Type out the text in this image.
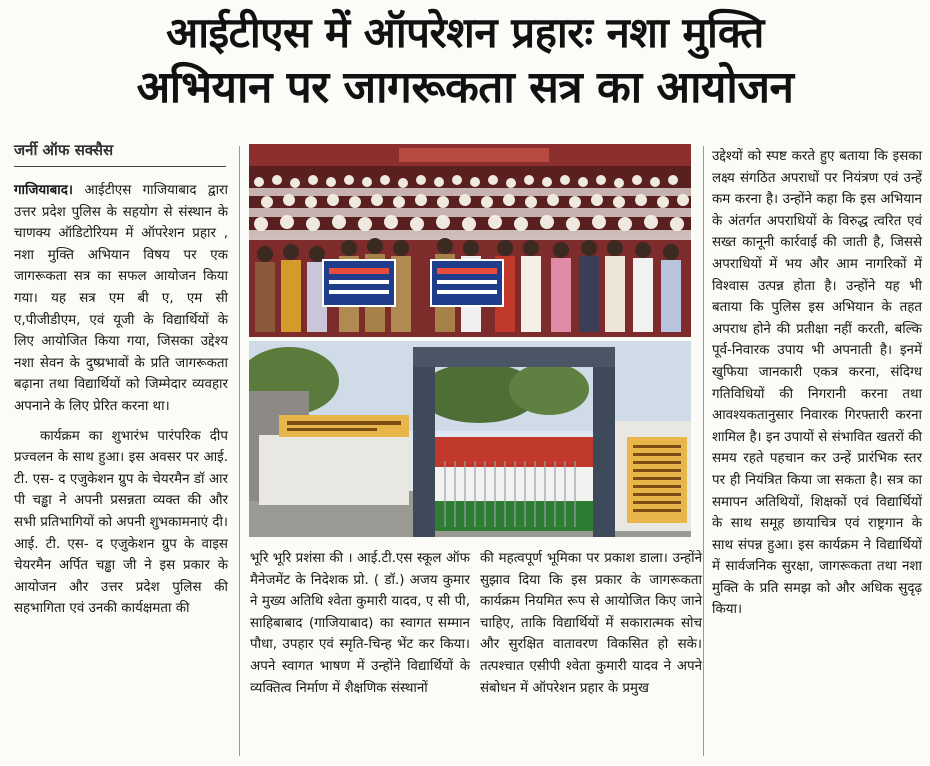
आईटीएस में ऑपरेशन प्रहारः नशा मुक्ति
अभियान पर जागरूकता सत्र का आयोजन
जर्नी ऑफ सक्सैस

गाजियाबाद। आईटीएस गाजियाबाद द्वारा उत्तर प्रदेश पुलिस के सहयोग से संस्थान के चाणक्य ऑडिटोरियम में ऑपरेशन प्रहार , नशा मुक्ति अभियान विषय पर एक जागरूकता सत्र का सफल आयोजन किया गया। यह सत्र एम बी ए, एम सी ए,पीजीडीएम, एवं यूजी के विद्यार्थियों के लिए आयोजित किया गया, जिसका उद्देश्य नशा सेवन के दुष्प्रभावों के प्रति जागरूकता बढ़ाना तथा विद्यार्थियों को जिम्मेदार व्यवहार अपनाने के लिए प्रेरित करना था।

कार्यक्रम का शुभारंभ पारंपरिक दीप प्रज्वलन के साथ हुआ। इस अवसर पर आई. टी. एस- द एजुकेशन ग्रुप के चेयरमैन डॉ आर पी चड्ढा ने अपनी प्रसन्नता व्यक्त की और सभी प्रतिभागियों को अपनी शुभकामनाएं दी। आई. टी. एस- द एजुकेशन ग्रुप के वाइस चेयरमैन अर्पित चड्ढा जी ने इस प्रकार के आयोजन और उत्तर प्रदेश पुलिस की सहभागिता एवं उनकी कार्यक्षमता की

भूरि भूरि प्रशंसा की । आई.टी.एस स्कूल ऑफ मैनेजमेंट के निदेशक प्रो. ( डॉ.) अजय कुमार ने मुख्य अतिथि श्वेता कुमारी यादव, ए सी पी, साहिबाबाद (गाजियाबाद) का स्वागत सम्मान पौधा, उपहार एवं स्मृति-चिन्ह भेंट कर किया। अपने स्वागत भाषण में उन्होंने विद्यार्थियों के व्यक्तित्व निर्माण में शैक्षणिक संस्थानों

की महत्वपूर्ण भूमिका पर प्रकाश डाला। उन्होंने सुझाव दिया कि इस प्रकार के जागरूकता कार्यक्रम नियमित रूप से आयोजित किए जाने चाहिए, ताकि विद्यार्थियों में सकारात्मक सोच और सुरक्षित वातावरण विकसित हो सके। तत्पश्चात एसीपी श्वेता कुमारी यादव ने अपने संबोधन में ऑपरेशन प्रहार के प्रमुख

उद्देश्यों को स्पष्ट करते हुए बताया कि इसका लक्ष्य संगठित अपराधों पर नियंत्रण एवं उन्हें कम करना है। उन्होंने कहा कि इस अभियान के अंतर्गत अपराधियों के विरुद्ध त्वरित एवं सख्त कानूनी कार्रवाई की जाती है, जिससे अपराधियों में भय और आम नागरिकों में विश्वास उत्पन्न होता है। उन्होंने यह भी बताया कि पुलिस इस अभियान के तहत अपराध होने की प्रतीक्षा नहीं करती, बल्कि पूर्व-निवारक उपाय भी अपनाती है। इनमें खुफिया जानकारी एकत्र करना, संदिग्ध गतिविधियों की निगरानी करना तथा आवश्यकतानुसार निवारक गिरफ्तारी करना शामिल है। इन उपायों से संभावित खतरों की समय रहते पहचान कर उन्हें प्रारंभिक स्तर पर ही नियंत्रित किया जा सकता है। सत्र का समापन अतिथियों, शिक्षकों एवं विद्यार्थियों के साथ समूह छायाचित्र एवं राष्ट्रगान के साथ संपन्न हुआ। इस कार्यक्रम ने विद्यार्थियों में सार्वजनिक सुरक्षा, जागरूकता तथा नशा मुक्ति के प्रति समझ को और अधिक सुदृढ़ किया।
